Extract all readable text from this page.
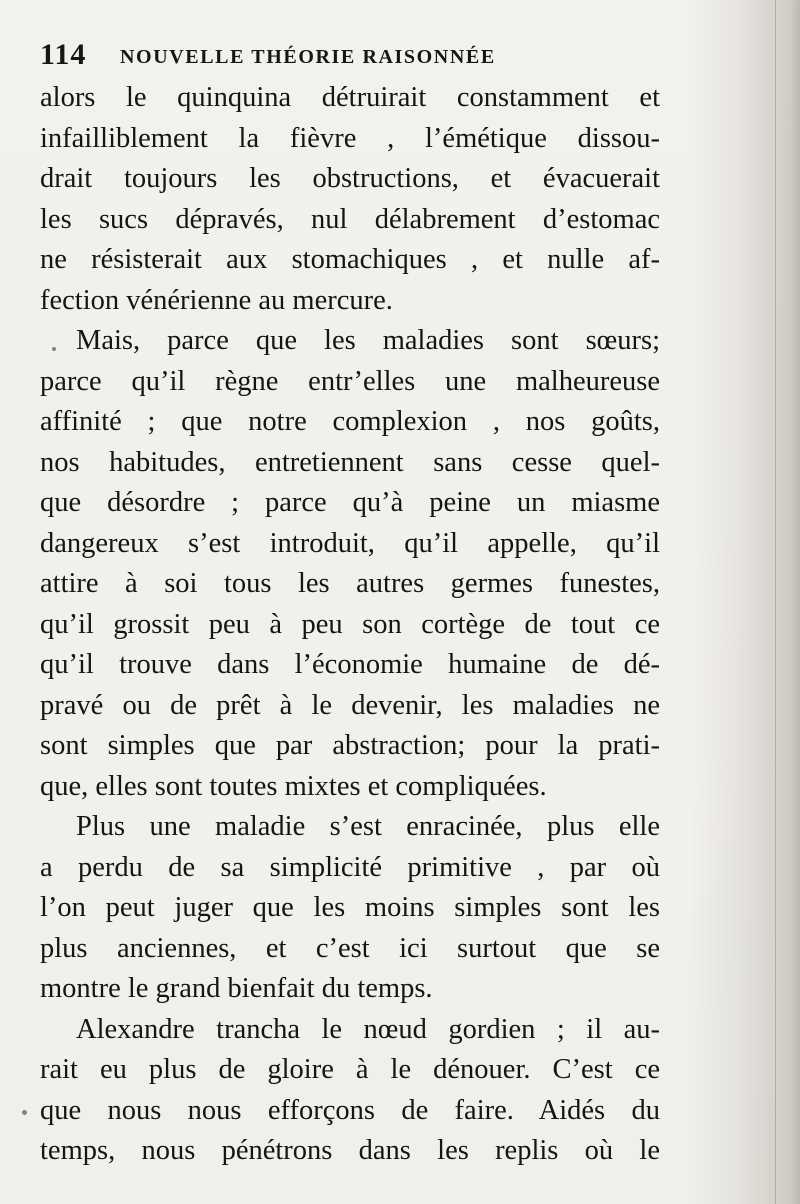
114 NOUVELLE THÉORIE RAISONNÉE
alors le quinquina détruirait constamment et
infailliblement la fièvre , l’émétique dissou-
drait toujours les obstructions, et évacuerait
les sucs dépravés, nul délabrement d’estomac
ne résisterait aux stomachiques , et nulle af-
fection vénérienne au mercure.
Mais, parce que les maladies sont sœurs;
parce qu’il règne entr’elles une malheureuse
affinité ; que notre complexion , nos goûts,
nos habitudes, entretiennent sans cesse quel-
que désordre ; parce qu’à peine un miasme
dangereux s’est introduit, qu’il appelle, qu’il
attire à soi tous les autres germes funestes,
qu’il grossit peu à peu son cortège de tout ce
qu’il trouve dans l’économie humaine de dé-
pravé ou de prêt à le devenir, les maladies ne
sont simples que par abstraction; pour la prati-
que, elles sont toutes mixtes et compliquées.
Plus une maladie s’est enracinée, plus elle
a perdu de sa simplicité primitive , par où
l’on peut juger que les moins simples sont les
plus anciennes, et c’est ici surtout que se
montre le grand bienfait du temps.
Alexandre trancha le nœud gordien ; il au-
rait eu plus de gloire à le dénouer. C’est ce
que nous nous efforçons de faire. Aidés du
temps, nous pénétrons dans les replis où le
